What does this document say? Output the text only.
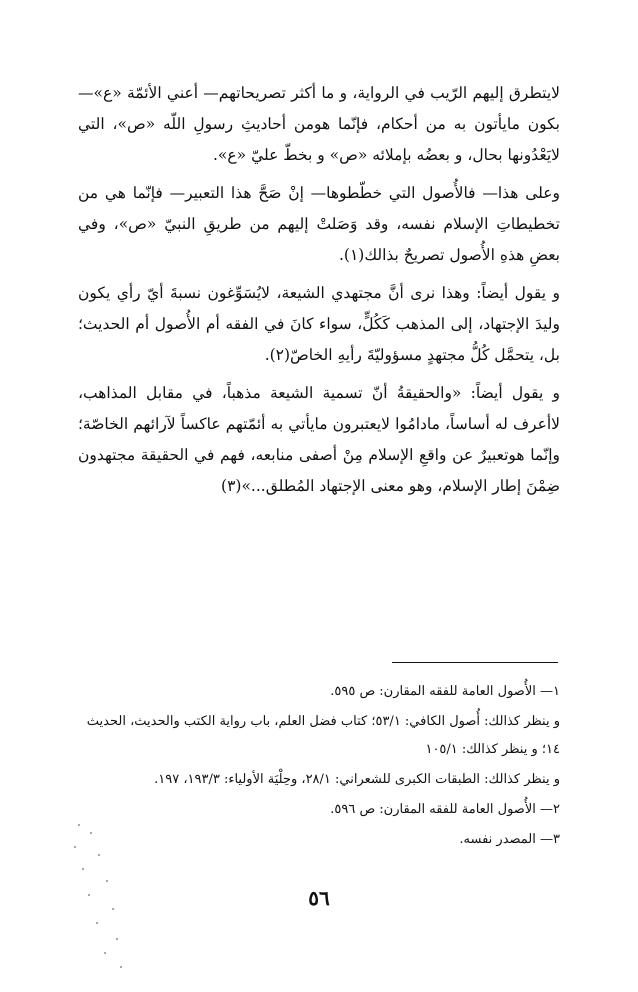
لايتطرق إليهم الرّيب في الرواية، و ما أكثر تصريحاتهم— أعني الأئمّة «ع»— بكون مايأتون به من أحكام، فإنّما هومن أحاديثِ رسولِ اللّه «ص»، التي لايَعْدُونها بحال، و بعضُه بإملائه «ص» و بخطّ عليّ «ع».

وعلى هذا— فالأُصول التي خطّطوها— إنْ صَحَّ هذا التعبير— فإنّما هي من تخطيطاتِ الإسلام نفسه، وقد وَصَلتْ إليهم من طريقِ النبيّ «ص»، وفي بعضِ هذهِ الأُصول تصريحٌ بذالك(١).

و يقول أيضاً: وهذا نرى أنَّ مجتهدي الشيعة، لايُسَوِّغون نسبةَ أيّ رأي يكون وليدَ الإجتهاد، إلى المذهب كَكُلٍّ، سواء كانَ في الفقه أم الأُصول أم الحديث؛ بل، يتحمَّل كُلُّ مجتهدٍ مسؤوليّةَ رأيهِ الخاصّ(٢).

و يقول أيضاً: «والحقيقةُ أنّ تسمية الشيعة مذهباً، في مقابل المذاهب، لاأعرف له أساساً، مادامُوا لايعتبرون مايأتي به أئمّتهم عاكساً لآرائهم الخاصّة؛ وإنّما هوتعبيرٌ عن واقعِ الإسلام مِنْ أصفى منابعه، فهم في الحقيقة مجتهدون ضِمْنَ إطار الإسلام، وهو معنى الإجتهاد المُطلق...»(٣)

١— الأُصول العامة للفقه المقارن: ص ٥٩٥.

و ينظر كذالك: أُصول الكافي: ٥٣/١؛ كتاب فضل العلم، باب رواية الكتب والحديث، الحديث ١٤؛ و ينظر كذالك: ١٠٥/١

و ينظر كذالك: الطبقات الكبرى للشعراني: ٢٨/١، وحِلْيَة الأولياء: ١٩٣/٣، ١٩٧.

٢— الأُصول العامة للفقه المقارن: ص ٥٩٦.

٣— المصدر نفسه.

٥٦
